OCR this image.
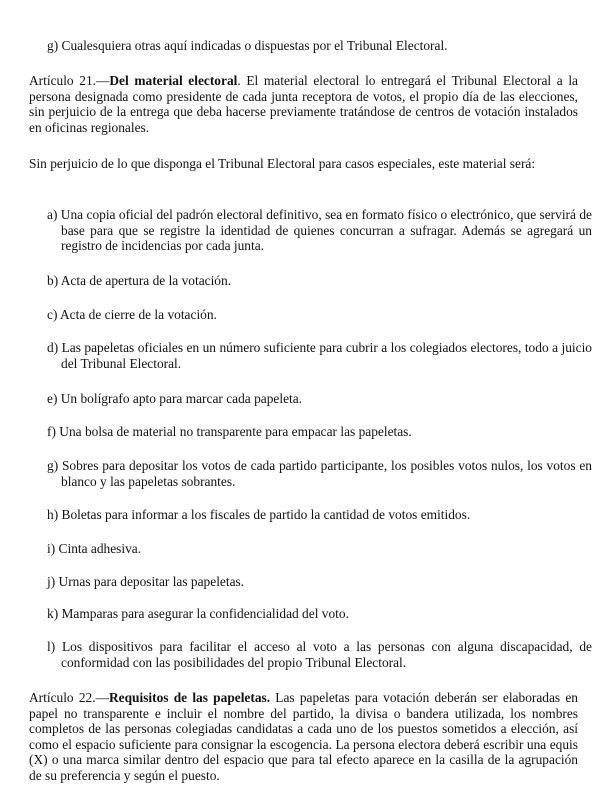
g) Cualesquiera otras aquí indicadas o dispuestas por el Tribunal Electoral.

Artículo 21.—Del material electoral. El material electoral lo entregará el Tribunal Electoral a la persona designada como presidente de cada junta receptora de votos, el propio día de las elecciones, sin perjuicio de la entrega que deba hacerse previamente tratándose de centros de votación instalados en oficinas regionales.

Sin perjuicio de lo que disponga el Tribunal Electoral para casos especiales, este material será:

a) Una copia oficial del padrón electoral definitivo, sea en formato físico o electrónico, que servirá de base para que se registre la identidad de quienes concurran a sufragar. Además se agregará un registro de incidencias por cada junta.

b) Acta de apertura de la votación.

c) Acta de cierre de la votación.

d) Las papeletas oficiales en un número suficiente para cubrir a los colegiados electores, todo a juicio del Tribunal Electoral.

e) Un bolígrafo apto para marcar cada papeleta.

f) Una bolsa de material no transparente para empacar las papeletas.

g) Sobres para depositar los votos de cada partido participante, los posibles votos nulos, los votos en blanco y las papeletas sobrantes.

h) Boletas para informar a los fiscales de partido la cantidad de votos emitidos.

i) Cinta adhesiva.

j) Urnas para depositar las papeletas.

k) Mamparas para asegurar la confidencialidad del voto.

l) Los dispositivos para facilitar el acceso al voto a las personas con alguna discapacidad, de conformidad con las posibilidades del propio Tribunal Electoral.

Artículo 22.—Requisitos de las papeletas. Las papeletas para votación deberán ser elaboradas en papel no transparente e incluir el nombre del partido, la divisa o bandera utilizada, los nombres completos de las personas colegiadas candidatas a cada uno de los puestos sometidos a elección, así como el espacio suficiente para consignar la escogencia. La persona electora deberá escribir una equis (X) o una marca similar dentro del espacio que para tal efecto aparece en la casilla de la agrupación de su preferencia y según el puesto.
